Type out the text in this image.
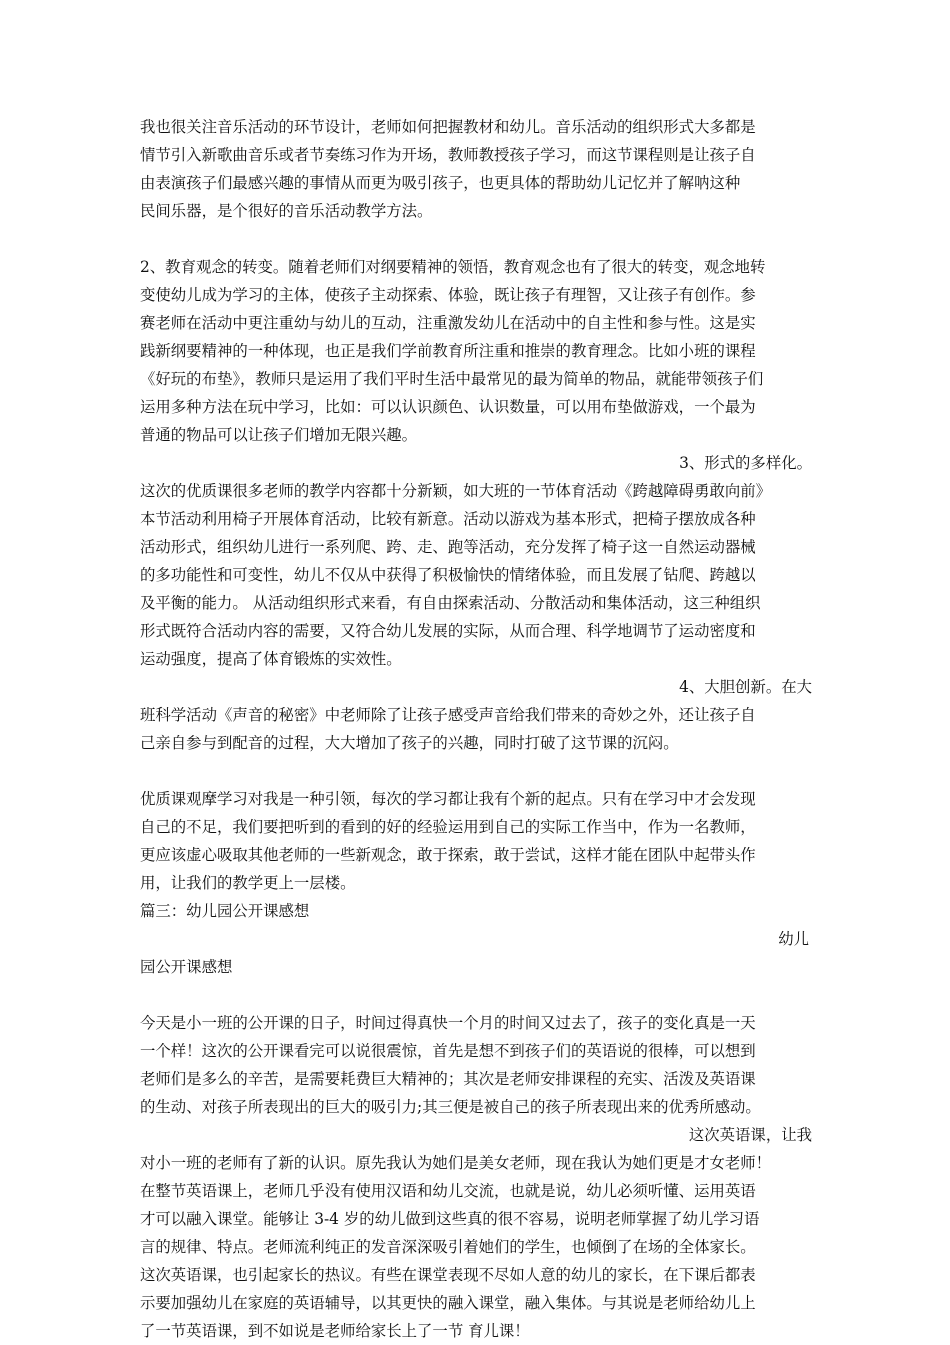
我也很关注音乐活动的环节设计，老师如何把握教材和幼儿。音乐活动的组织形式大多都是
情节引入新歌曲音乐或者节奏练习作为开场，教师教授孩子学习，而这节课程则是让孩子自
由表演孩子们最感兴趣的事情从而更为吸引孩子，也更具体的帮助幼儿记忆并了解呐这种
民间乐器，是个很好的音乐活动教学方法。
2、教育观念的转变。随着老师们对纲要精神的领悟，教育观念也有了很大的转变，观念地转
变使幼儿成为学习的主体，使孩子主动探索、体验，既让孩子有理智，又让孩子有创作。参
赛老师在活动中更注重幼与幼儿的互动，注重激发幼儿在活动中的自主性和参与性。这是实
践新纲要精神的一种体现，也正是我们学前教育所注重和推崇的教育理念。比如小班的课程
《好玩的布垫》，教师只是运用了我们平时生活中最常见的最为简单的物品，就能带领孩子们
运用多种方法在玩中学习，比如：可以认识颜色、认识数量，可以用布垫做游戏，一个最为
普通的物品可以让孩子们增加无限兴趣。
3、形式的多样化。
这次的优质课很多老师的教学内容都十分新颖，如大班的一节体育活动《跨越障碍勇敢向前》
本节活动利用椅子开展体育活动，比较有新意。活动以游戏为基本形式，把椅子摆放成各种
活动形式，组织幼儿进行一系列爬、跨、走、跑等活动，充分发挥了椅子这一自然运动器械
的多功能性和可变性，幼儿不仅从中获得了积极愉快的情绪体验，而且发展了钻爬、跨越以
及平衡的能力。 从活动组织形式来看，有自由探索活动、分散活动和集体活动，这三种组织
形式既符合活动内容的需要，又符合幼儿发展的实际，从而合理、科学地调节了运动密度和
运动强度，提高了体育锻炼的实效性。
4、大胆创新。在大
班科学活动《声音的秘密》中老师除了让孩子感受声音给我们带来的奇妙之外，还让孩子自
己亲自参与到配音的过程，大大增加了孩子的兴趣，同时打破了这节课的沉闷。
优质课观摩学习对我是一种引领，每次的学习都让我有个新的起点。只有在学习中才会发现
自己的不足，我们要把听到的看到的好的经验运用到自己的实际工作当中，作为一名教师，
更应该虚心吸取其他老师的一些新观念，敢于探索，敢于尝试，这样才能在团队中起带头作
用，让我们的教学更上一层楼。
篇三：幼儿园公开课感想
幼儿
园公开课感想
今天是小一班的公开课的日子，时间过得真快一个月的时间又过去了，孩子的变化真是一天
一个样！这次的公开课看完可以说很震惊，首先是想不到孩子们的英语说的很棒，可以想到
老师们是多么的辛苦，是需要耗费巨大精神的；其次是老师安排课程的充实、活泼及英语课
的生动、对孩子所表现出的巨大的吸引力;其三便是被自己的孩子所表现出来的优秀所感动。
这次英语课，让我
对小一班的老师有了新的认识。原先我认为她们是美女老师，现在我认为她们更是才女老师！
在整节英语课上，老师几乎没有使用汉语和幼儿交流，也就是说，幼儿必须听懂、运用英语
才可以融入课堂。能够让 3-4 岁的幼儿做到这些真的很不容易，说明老师掌握了幼儿学习语
言的规律、特点。老师流利纯正的发音深深吸引着她们的学生，也倾倒了在场的全体家长。
这次英语课，也引起家长的热议。有些在课堂表现不尽如人意的幼儿的家长，在下课后都表
示要加强幼儿在家庭的英语辅导，以其更快的融入课堂，融入集体。与其说是老师给幼儿上
了一节英语课，到不如说是老师给家长上了一节 育儿课！
